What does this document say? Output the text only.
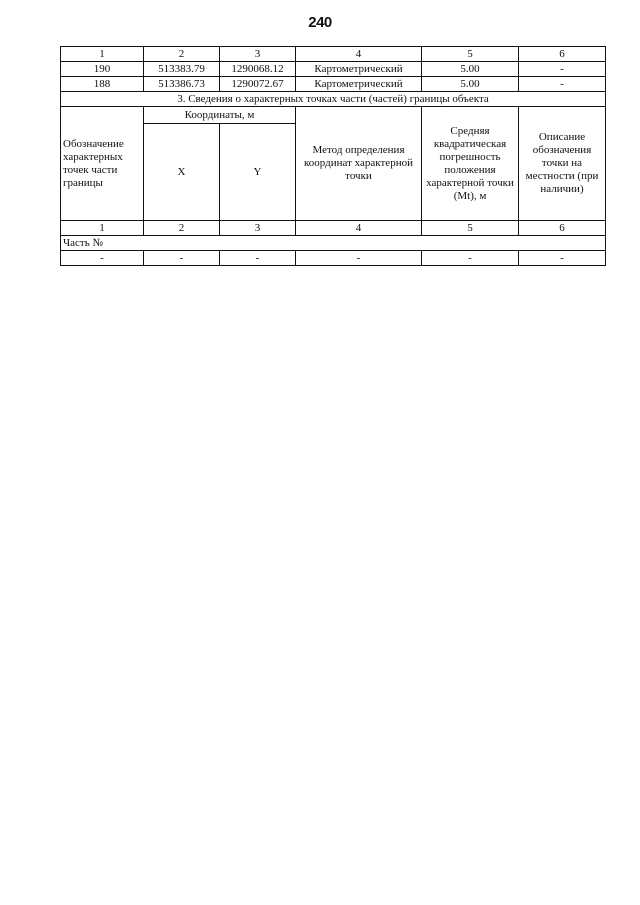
240
1	2	3	4	5	6
190	513383.79	1290068.12	Картометрический	5.00	-
188	513386.73	1290072.67	Картометрический	5.00	-
3. Сведения о характерных точках части (частей) границы объекта					
Обозначение характерных точек части границы	Координаты, м		Метод определения координат характерной точки	Средняя квадратическая погрешность положения характерной точки (Mt), м	Описание обозначения точки на местности (при наличии)
	X	Y			
1	2	3	4	5	6
Часть №					
-	-	-	-	-	-
